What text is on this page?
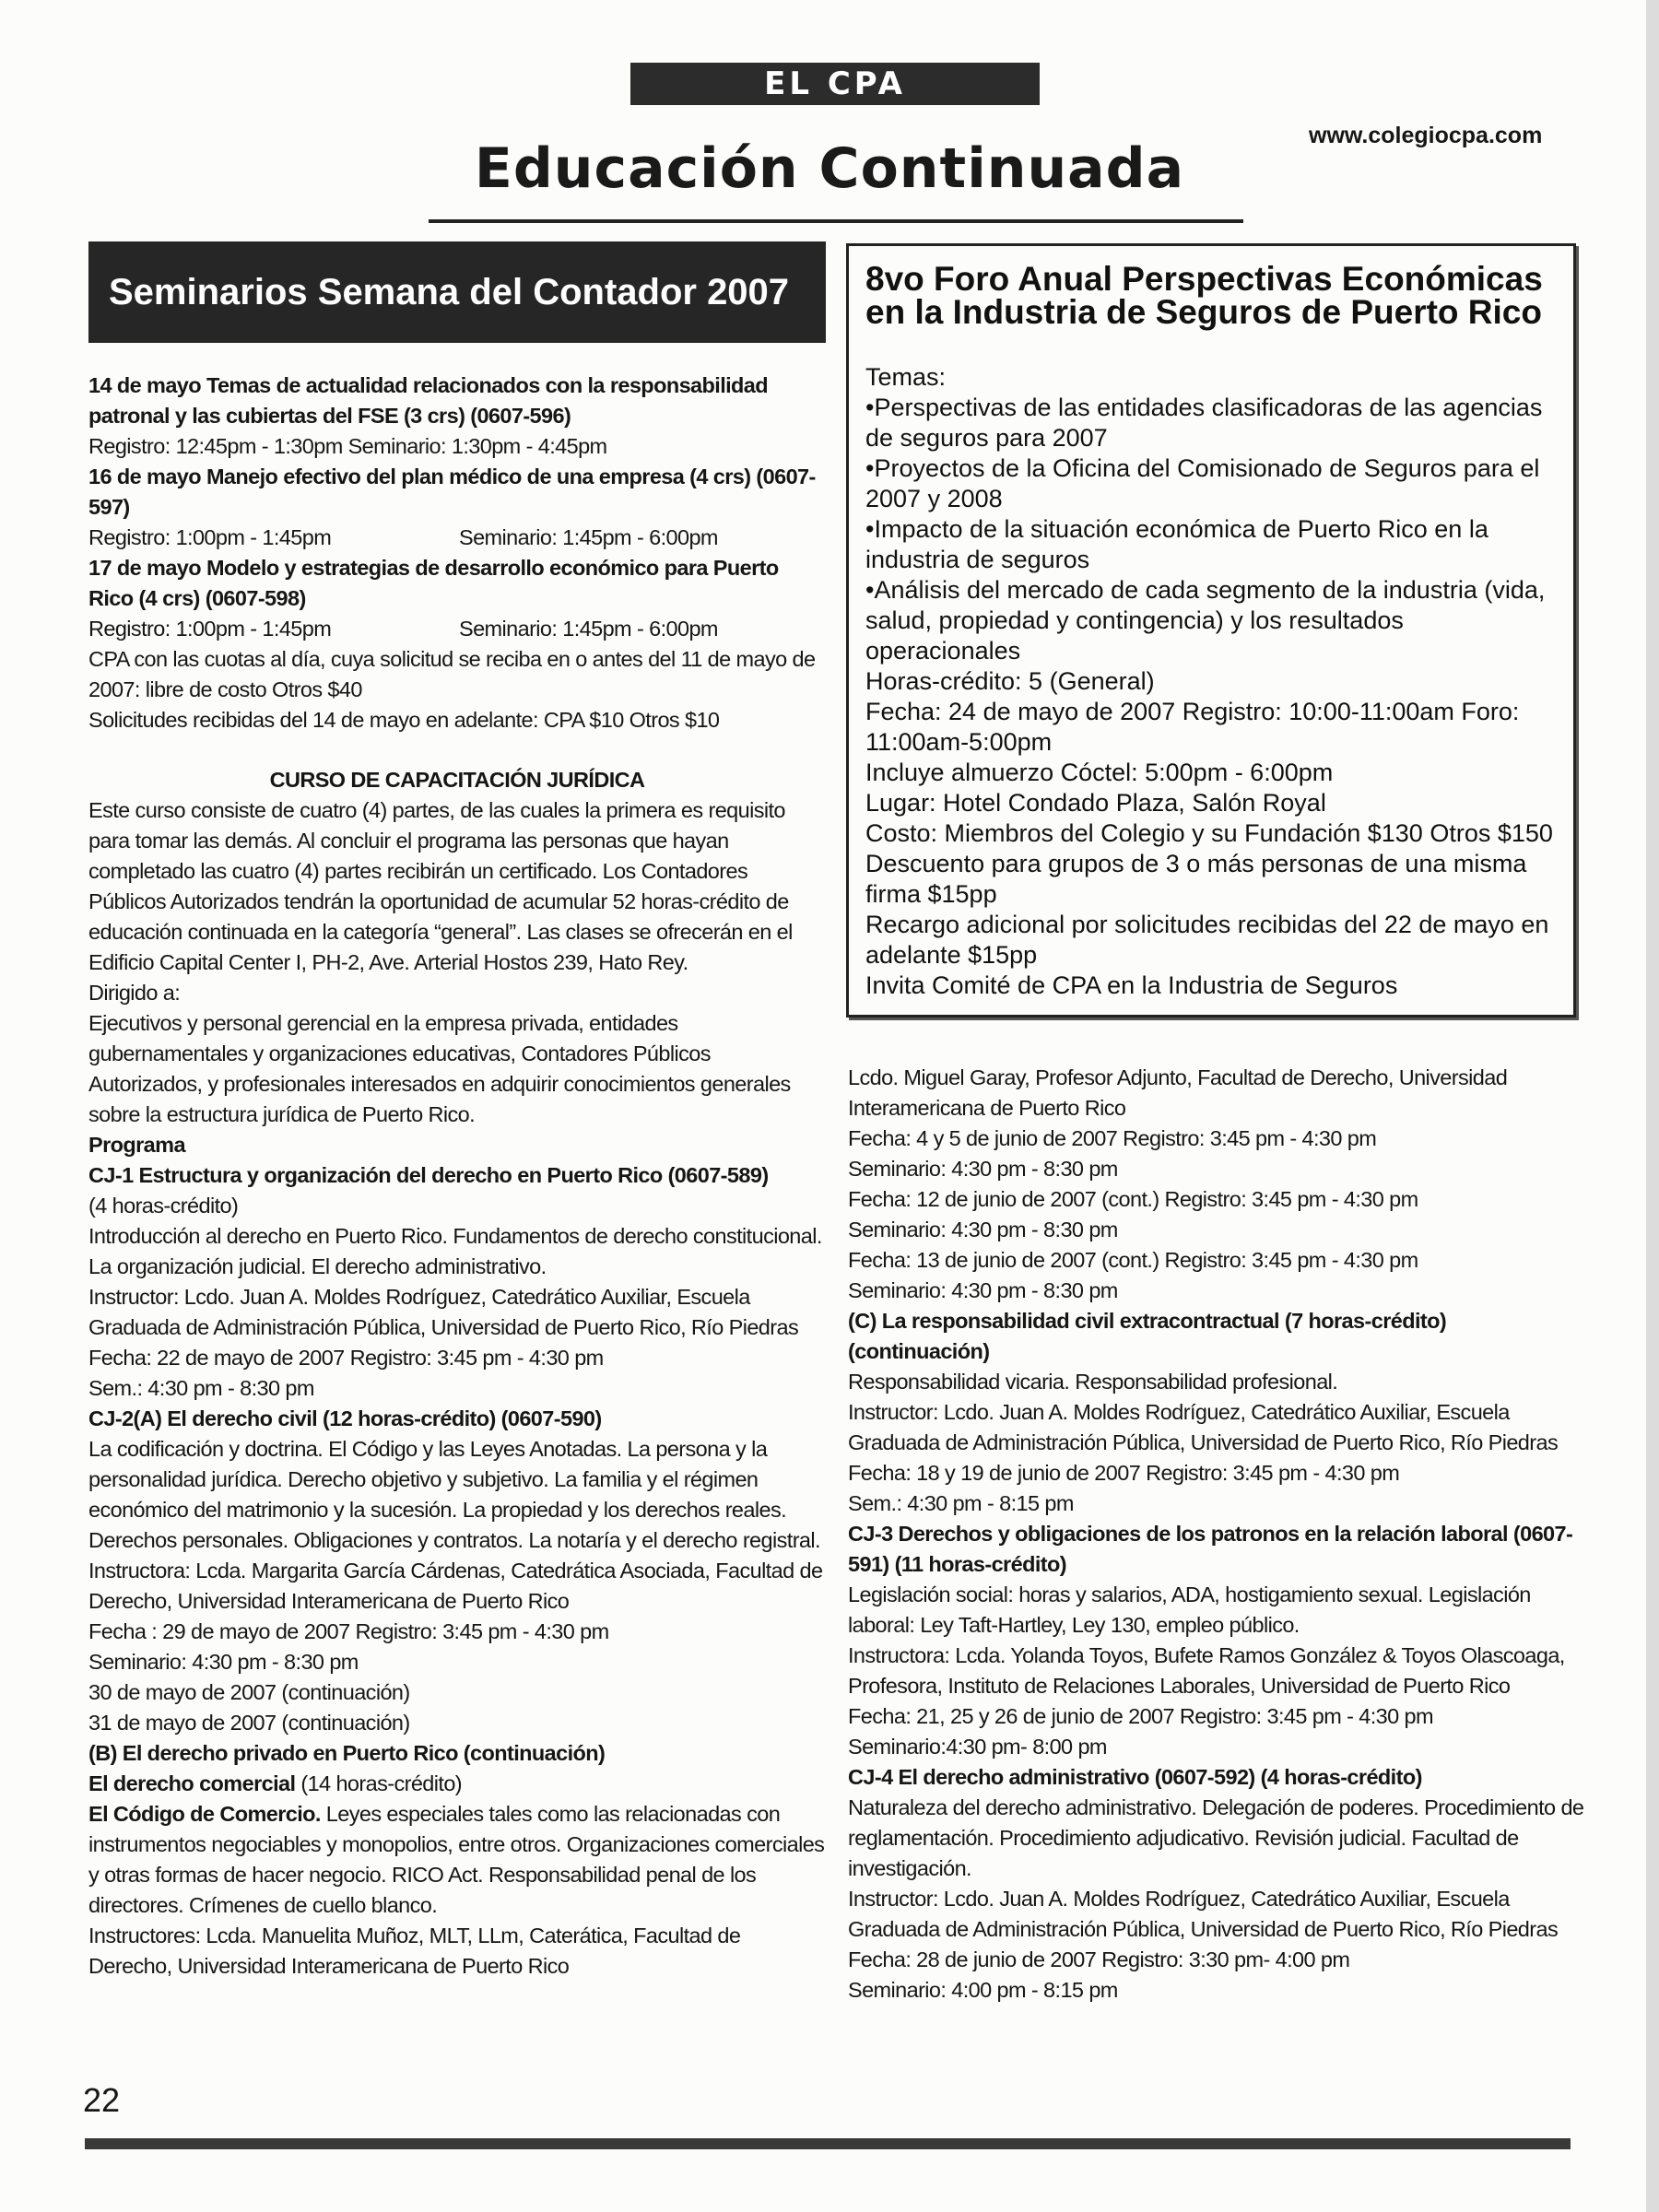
EL CPA
www.colegiocpa.com
Educación Continuada
Seminarios Semana del Contador 2007

14 de mayo Temas de actualidad relacionados con la responsabilidad patronal y las cubiertas del FSE (3 crs) (0607-596)

Registro: 12:45pm - 1:30pm Seminario: 1:30pm - 4:45pm

16 de mayo Manejo efectivo del plan médico de una empresa (4 crs) (0607-597)

Registro: 1:00pm - 1:45pm	Seminario: 1:45pm - 6:00pm

17 de mayo Modelo y estrategias de desarrollo económico para Puerto Rico (4 crs) (0607-598)

Registro: 1:00pm - 1:45pm	Seminario: 1:45pm - 6:00pm

CPA con las cuotas al día, cuya solicitud se reciba en o antes del 11 de mayo de 2007: libre de costo Otros $40

Solicitudes recibidas del 14 de mayo en adelante: CPA $10 Otros $10

CURSO DE CAPACITACIÓN JURÍDICA

Este curso consiste de cuatro (4) partes, de las cuales la primera es requisito para tomar las demás. Al concluir el programa las personas que hayan completado las cuatro (4) partes recibirán un certificado. Los Contadores Públicos Autorizados tendrán la oportunidad de acumular 52 horas-crédito de educación continuada en la categoría “general”. Las clases se ofrecerán en el Edificio Capital Center I, PH-2, Ave. Arterial Hostos 239, Hato Rey.

Dirigido a:

Ejecutivos y personal gerencial en la empresa privada, entidades gubernamentales y organizaciones educativas, Contadores Públicos Autorizados, y profesionales interesados en adquirir conocimientos generales sobre la estructura jurídica de Puerto Rico.

Programa

CJ-1 Estructura y organización del derecho en Puerto Rico (0607-589)

(4 horas-crédito)

Introducción al derecho en Puerto Rico. Fundamentos de derecho constitucional. La organización judicial. El derecho administrativo.

Instructor: Lcdo. Juan A. Moldes Rodríguez, Catedrático Auxiliar, Escuela Graduada de Administración Pública, Universidad de Puerto Rico, Río Piedras

Fecha: 22 de mayo de 2007 Registro: 3:45 pm - 4:30 pm

Sem.: 4:30 pm - 8:30 pm

CJ-2(A) El derecho civil (12 horas-crédito) (0607-590)

La codificación y doctrina. El Código y las Leyes Anotadas. La persona y la personalidad jurídica. Derecho objetivo y subjetivo. La familia y el régimen económico del matrimonio y la sucesión. La propiedad y los derechos reales. Derechos personales. Obligaciones y contratos. La notaría y el derecho registral.

Instructora: Lcda. Margarita García Cárdenas, Catedrática Asociada, Facultad de Derecho, Universidad Interamericana de Puerto Rico

Fecha : 29 de mayo de 2007 Registro: 3:45 pm - 4:30 pm

Seminario: 4:30 pm - 8:30 pm

30 de mayo de 2007 (continuación)

31 de mayo de 2007 (continuación)

(B) El derecho privado en Puerto Rico (continuación)

El derecho comercial (14 horas-crédito)

El Código de Comercio. Leyes especiales tales como las relacionadas con instrumentos negociables y monopolios, entre otros. Organizaciones comerciales y otras formas de hacer negocio. RICO Act. Responsabilidad penal de los directores. Crímenes de cuello blanco.

Instructores: Lcda. Manuelita Muñoz, MLT, LLm, Caterática, Facultad de Derecho, Universidad Interamericana de Puerto Rico

8vo Foro Anual Perspectivas Económicas en la Industria de Seguros de Puerto Rico

Temas:

•Perspectivas de las entidades clasificadoras de las agencias de seguros para 2007

•Proyectos de la Oficina del Comisionado de Seguros para el 2007 y 2008

•Impacto de la situación económica de Puerto Rico en la industria de seguros

•Análisis del mercado de cada segmento de la industria (vida, salud, propiedad y contingencia) y los resultados operacionales

Horas-crédito: 5 (General)

Fecha: 24 de mayo de 2007 Registro: 10:00-11:00am Foro: 11:00am-5:00pm

Incluye almuerzo Cóctel: 5:00pm - 6:00pm

Lugar: Hotel Condado Plaza, Salón Royal

Costo: Miembros del Colegio y su Fundación $130 Otros $150

Descuento para grupos de 3 o más personas de una misma firma $15pp

Recargo adicional por solicitudes recibidas del 22 de mayo en adelante $15pp

Invita Comité de CPA en la Industria de Seguros

Lcdo. Miguel Garay, Profesor Adjunto, Facultad de Derecho, Universidad Interamericana de Puerto Rico

Fecha: 4 y 5 de junio de 2007 Registro: 3:45 pm - 4:30 pm

Seminario: 4:30 pm - 8:30 pm

Fecha: 12 de junio de 2007 (cont.) Registro: 3:45 pm - 4:30 pm

Seminario: 4:30 pm - 8:30 pm

Fecha: 13 de junio de 2007 (cont.) Registro: 3:45 pm - 4:30 pm

Seminario: 4:30 pm - 8:30 pm

(C) La responsabilidad civil extracontractual (7 horas-crédito) (continuación)

Responsabilidad vicaria. Responsabilidad profesional.

Instructor: Lcdo. Juan A. Moldes Rodríguez, Catedrático Auxiliar, Escuela Graduada de Administración Pública, Universidad de Puerto Rico, Río Piedras

Fecha: 18 y 19 de junio de 2007 Registro: 3:45 pm - 4:30 pm

Sem.: 4:30 pm - 8:15 pm

CJ-3 Derechos y obligaciones de los patronos en la relación laboral (0607-591) (11 horas-crédito)

Legislación social: horas y salarios, ADA, hostigamiento sexual. Legislación laboral: Ley Taft-Hartley, Ley 130, empleo público.

Instructora: Lcda. Yolanda Toyos, Bufete Ramos González & Toyos Olascoaga, Profesora, Instituto de Relaciones Laborales, Universidad de Puerto Rico

Fecha: 21, 25 y 26 de junio de 2007 Registro: 3:45 pm - 4:30 pm

Seminario:4:30 pm- 8:00 pm

CJ-4 El derecho administrativo (0607-592) (4 horas-crédito)

Naturaleza del derecho administrativo. Delegación de poderes. Procedimiento de reglamentación. Procedimiento adjudicativo. Revisión judicial. Facultad de investigación.

Instructor: Lcdo. Juan A. Moldes Rodríguez, Catedrático Auxiliar, Escuela Graduada de Administración Pública, Universidad de Puerto Rico, Río Piedras

Fecha: 28 de junio de 2007 Registro: 3:30 pm- 4:00 pm

Seminario: 4:00 pm - 8:15 pm

22
